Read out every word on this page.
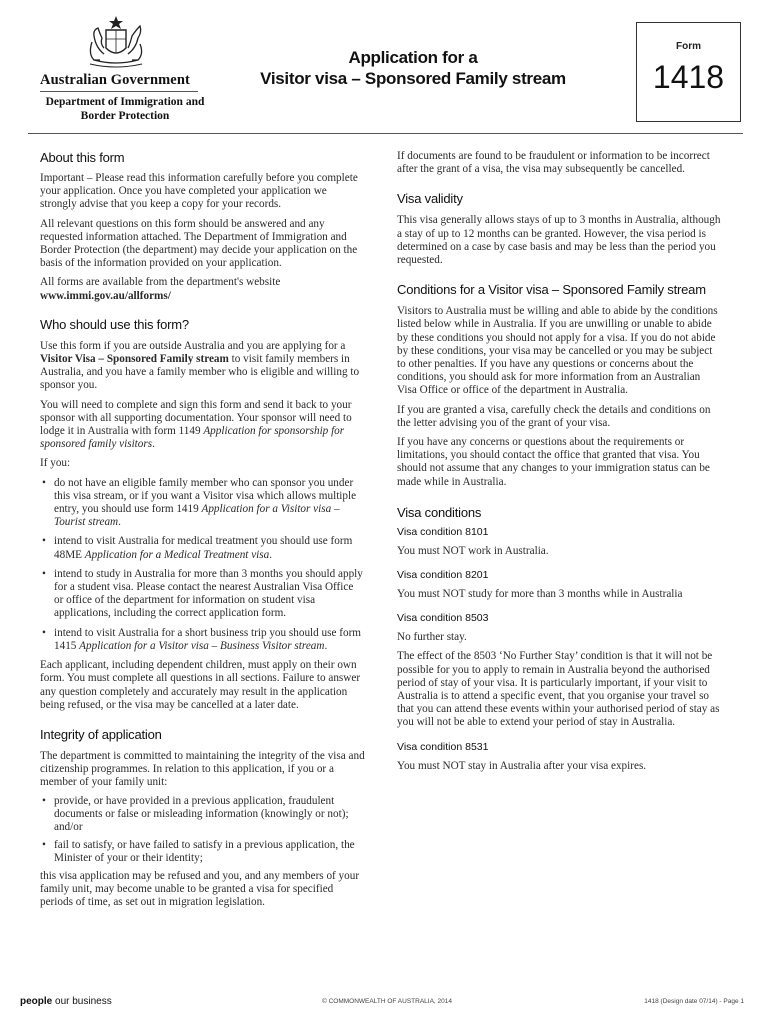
Australian Government
Department of Immigration and Border Protection
Application for a
Visitor visa – Sponsored Family stream
Form
1418
About this form

Important – Please read this information carefully before you complete your application. Once you have completed your application we strongly advise that you keep a copy for your records.

All relevant questions on this form should be answered and any requested information attached. The Department of Immigration and Border Protection (the department) may decide your application on the basis of the information provided on your application.

All forms are available from the department's website
www.immi.gov.au/allforms/

Who should use this form?

Use this form if you are outside Australia and you are applying for a Visitor Visa – Sponsored Family stream to visit family members in Australia, and you have a family member who is eligible and willing to sponsor you.

You will need to complete and sign this form and send it back to your sponsor with all supporting documentation. Your sponsor will need to lodge it in Australia with form 1149 Application for sponsorship for sponsored family visitors.

If you:

• do not have an eligible family member who can sponsor you under this visa stream, or if you want a Visitor visa which allows multiple entry, you should use form 1419 Application for a Visitor visa – Tourist stream.
• intend to visit Australia for medical treatment you should use form 48ME Application for a Medical Treatment visa.
• intend to study in Australia for more than 3 months you should apply for a student visa. Please contact the nearest Australian Visa Office or office of the department for information on student visa applications, including the correct application form.
• intend to visit Australia for a short business trip you should use form 1415 Application for a Visitor visa – Business Visitor stream.

Each applicant, including dependent children, must apply on their own form. You must complete all questions in all sections. Failure to answer any question completely and accurately may result in the application being refused, or the visa may be cancelled at a later date.

Integrity of application

The department is committed to maintaining the integrity of the visa and citizenship programmes. In relation to this application, if you or a member of your family unit:

• provide, or have provided in a previous application, fraudulent documents or false or misleading information (knowingly or not); and/or
• fail to satisfy, or have failed to satisfy in a previous application, the Minister of your or their identity;

this visa application may be refused and you, and any members of your family unit, may become unable to be granted a visa for specified periods of time, as set out in migration legislation.

If documents are found to be fraudulent or information to be incorrect after the grant of a visa, the visa may subsequently be cancelled.

Visa validity

This visa generally allows stays of up to 3 months in Australia, although a stay of up to 12 months can be granted. However, the visa period is determined on a case by case basis and may be less than the period you requested.

Conditions for a Visitor visa – Sponsored Family stream

Visitors to Australia must be willing and able to abide by the conditions listed below while in Australia. If you are unwilling or unable to abide by these conditions you should not apply for a visa. If you do not abide by these conditions, your visa may be cancelled or you may be subject to other penalties. If you have any questions or concerns about the conditions, you should ask for more information from an Australian Visa Office or office of the department in Australia.

If you are granted a visa, carefully check the details and conditions on the letter advising you of the grant of your visa.

If you have any concerns or questions about the requirements or limitations, you should contact the office that granted that visa. You should not assume that any changes to your immigration status can be made while in Australia.

Visa conditions
Visa condition 8101

You must NOT work in Australia.

Visa condition 8201

You must NOT study for more than 3 months while in Australia

Visa condition 8503

No further stay.

The effect of the 8503 ‘No Further Stay’ condition is that it will not be possible for you to apply to remain in Australia beyond the authorised period of stay of your visa. It is particularly important, if your visit to Australia is to attend a specific event, that you organise your travel so that you can attend these events within your authorised period of stay as you will not be able to extend your period of stay in Australia.

Visa condition 8531

You must NOT stay in Australia after your visa expires.

people our business	© COMMONWEALTH OF AUSTRALIA, 2014	1418 (Design date 07/14) - Page 1
